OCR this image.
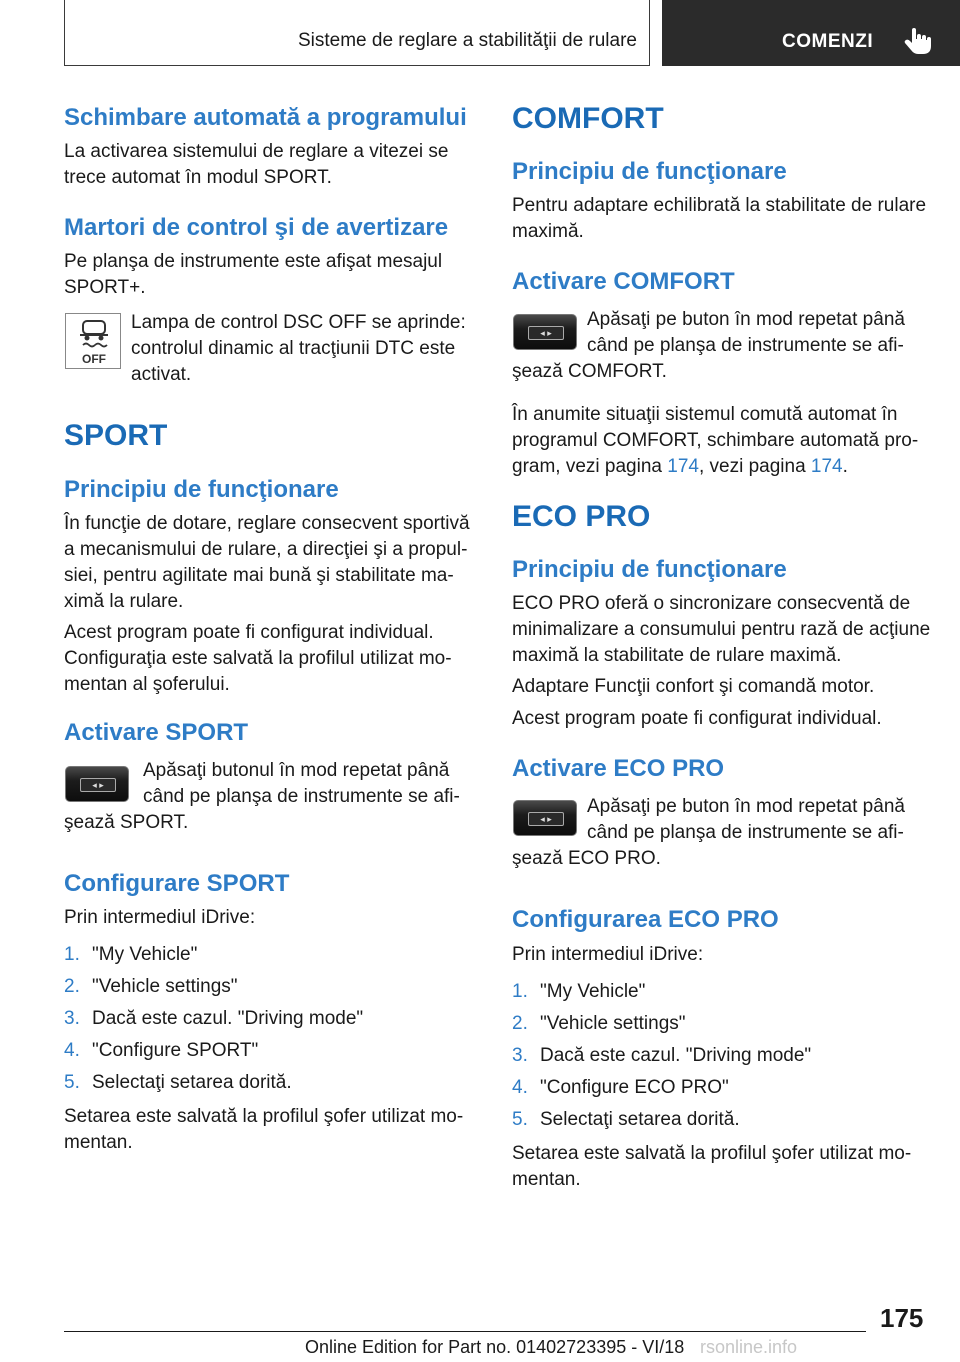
Sisteme de reglare a stabilităţii de rulare	COMENZI
Schimbare automată a programului
La activarea sistemului de reglare a vitezei se
trece automat în modul SPORT.
Martori de control şi de avertizare
Pe planşa de instrumente este afişat mesajul
SPORT+.
OFF
Lampa de control DSC OFF se aprinde:
controlul dinamic al tracţiunii DTC este
activat.
SPORT
Principiu de funcţionare
În funcţie de dotare, reglare consecvent sportivă
a mecanismului de rulare, a direcţiei şi a propul-
siei, pentru agilitate mai bună şi stabilitate ma-
ximă la rulare.
Acest program poate fi configurat individual.
Configuraţia este salvată la profilul utilizat mo-
mentan al şoferului.
Activare SPORT
◂ ▸
Apăsaţi butonul în mod repetat până
când pe planşa de instrumente se afi-
şează SPORT.
Configurare SPORT
Prin intermediul iDrive:
1. "My Vehicle"
2. "Vehicle settings"
3. Dacă este cazul. "Driving mode"
4. "Configure SPORT"
5. Selectaţi setarea dorită.
Setarea este salvată la profilul şofer utilizat mo-
mentan.
COMFORT
Principiu de funcţionare
Pentru adaptare echilibrată la stabilitate de rulare
maximă.
Activare COMFORT
◂ ▸
Apăsaţi pe buton în mod repetat până
când pe planşa de instrumente se afi-
şează COMFORT.
În anumite situaţii sistemul comută automat în
programul COMFORT, schimbare automată pro-
gram, vezi pagina 174, vezi pagina 174.
ECO PRO
Principiu de funcţionare
ECO PRO oferă o sincronizare consecventă de
minimalizare a consumului pentru rază de acţiune
maximă la stabilitate de rulare maximă.
Adaptare Funcţii confort şi comandă motor.
Acest program poate fi configurat individual.
Activare ECO PRO
◂ ▸
Apăsaţi pe buton în mod repetat până
când pe planşa de instrumente se afi-
şează ECO PRO.
Configurarea ECO PRO
Prin intermediul iDrive:
1. "My Vehicle"
2. "Vehicle settings"
3. Dacă este cazul. "Driving mode"
4. "Configure ECO PRO"
5. Selectaţi setarea dorită.
Setarea este salvată la profilul şofer utilizat mo-
mentan.
175
Online Edition for Part no. 01402723395 - VI/18 rsonline.info
